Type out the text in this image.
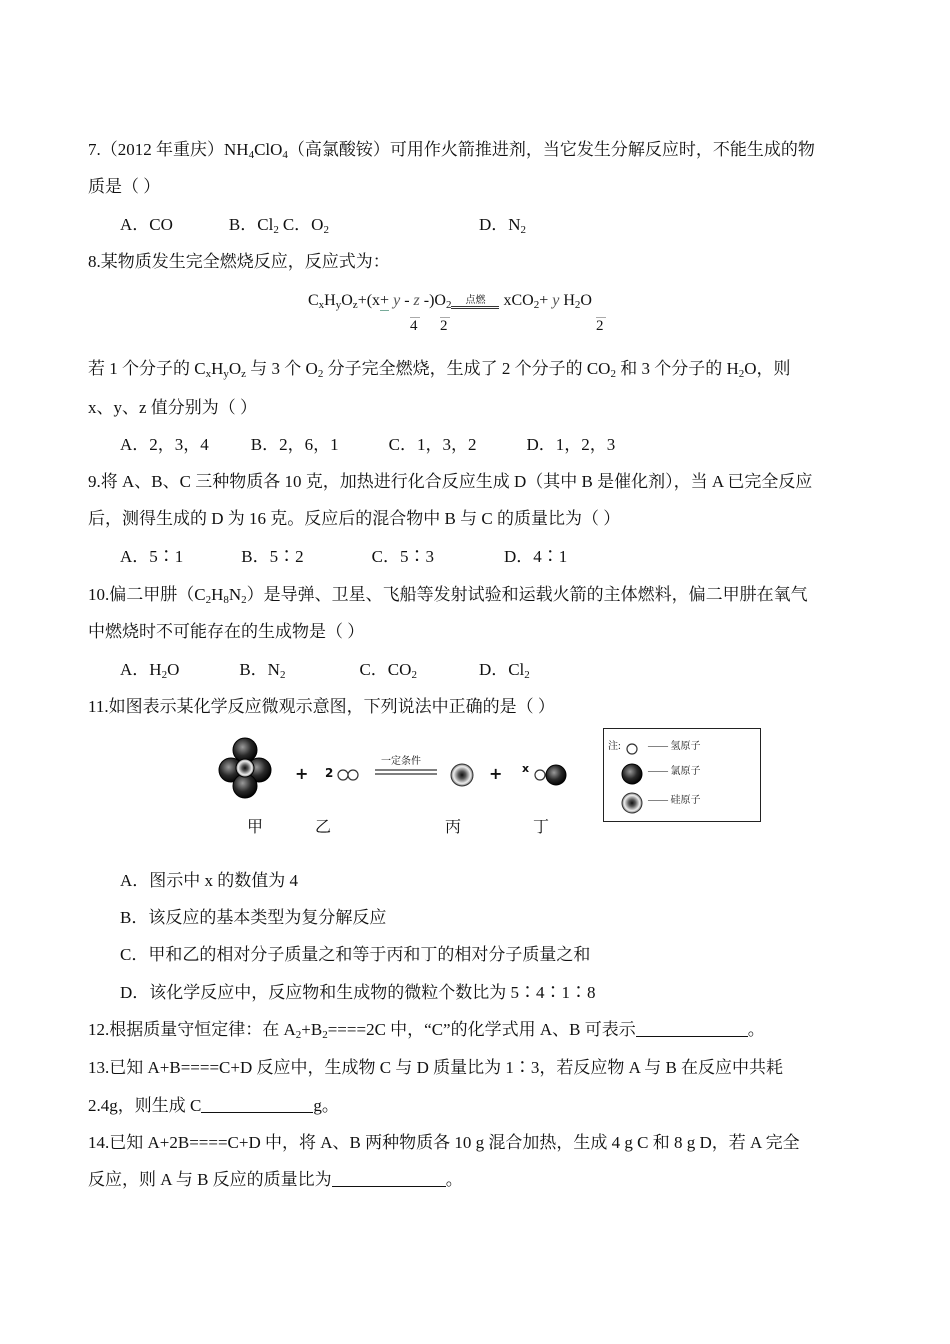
7.（2012 年重庆）$NH_4ClO_4$（高氯酸铵）可用作火箭推进剂，当它发生分解反应时，不能生成的物
质是（ ）
A．CO	B．$Cl_2$ C．$O_2$	D．$N_2$
8.某物质发生完全燃烧反应，反应式为：
$C_xH_yO_z+(x+ y - z$ $-)O_2$ 点燃 xCO$_2$+ y $H_2O$
4 2	2
若 1 个分子的 $C_xH_yO_z$ 与 3 个 $O_2$ 分子完全燃烧，生成了 2 个分子的 $CO_2$ 和 3 个分子的 $H_2O$，则
x、y、z 值分别为（ ）
A．2，3，4 B．2，6，1	C．1，3，2	D．1，2，3
9.将 A、B、C 三种物质各 10 克，加热进行化合反应生成 D（其中 B 是催化剂），当 A 已完全反应
后，测得生成的 D 为 16 克。反应后的混合物中 B 与 C 的质量比为（ ）
A．5∶1	B．5∶2	C．5∶3	D．4∶1
10.偏二甲肼$(C_2H_8N_2)$是导弹、卫星、飞船等发射试验和运载火箭的主体燃料，偏二甲肼在氧气
中燃烧时不可能存在的生成物是（ ）
A．$H_2O$	B．$N_2$	C．$CO_2$	D．$Cl_2$
11.如图表示某化学反应微观示意图，下列说法中正确的是（ ）
+ 2
一定条件
+ x
甲	乙	丙	丁
注:	—— 氢原子
—— 氯原子
—— 硅原子
A．图示中 x 的数值为 4
B．该反应的基本类型为复分解反应
C．甲和乙的相对分子质量之和等于丙和丁的相对分子质量之和
D．该化学反应中，反应物和生成物的微粒个数比为 5∶4∶1∶8
12.根据质量守恒定律：在 $A_2+B_2====2C$ 中，“C”的化学式用 A、B 可表示	。
13.已知 A+B====C+D 反应中，生成物 C 与 D 质量比为 1∶3，若反应物 A 与 B 在反应中共耗
2.4g，则生成 C	g。
14.已知 A+2B====C+D 中，将 A、B 两种物质各 10 g 混合加热，生成 4 g C 和 8 g D，若 A 完全
反应，则 A 与 B 反应的质量比为	。
